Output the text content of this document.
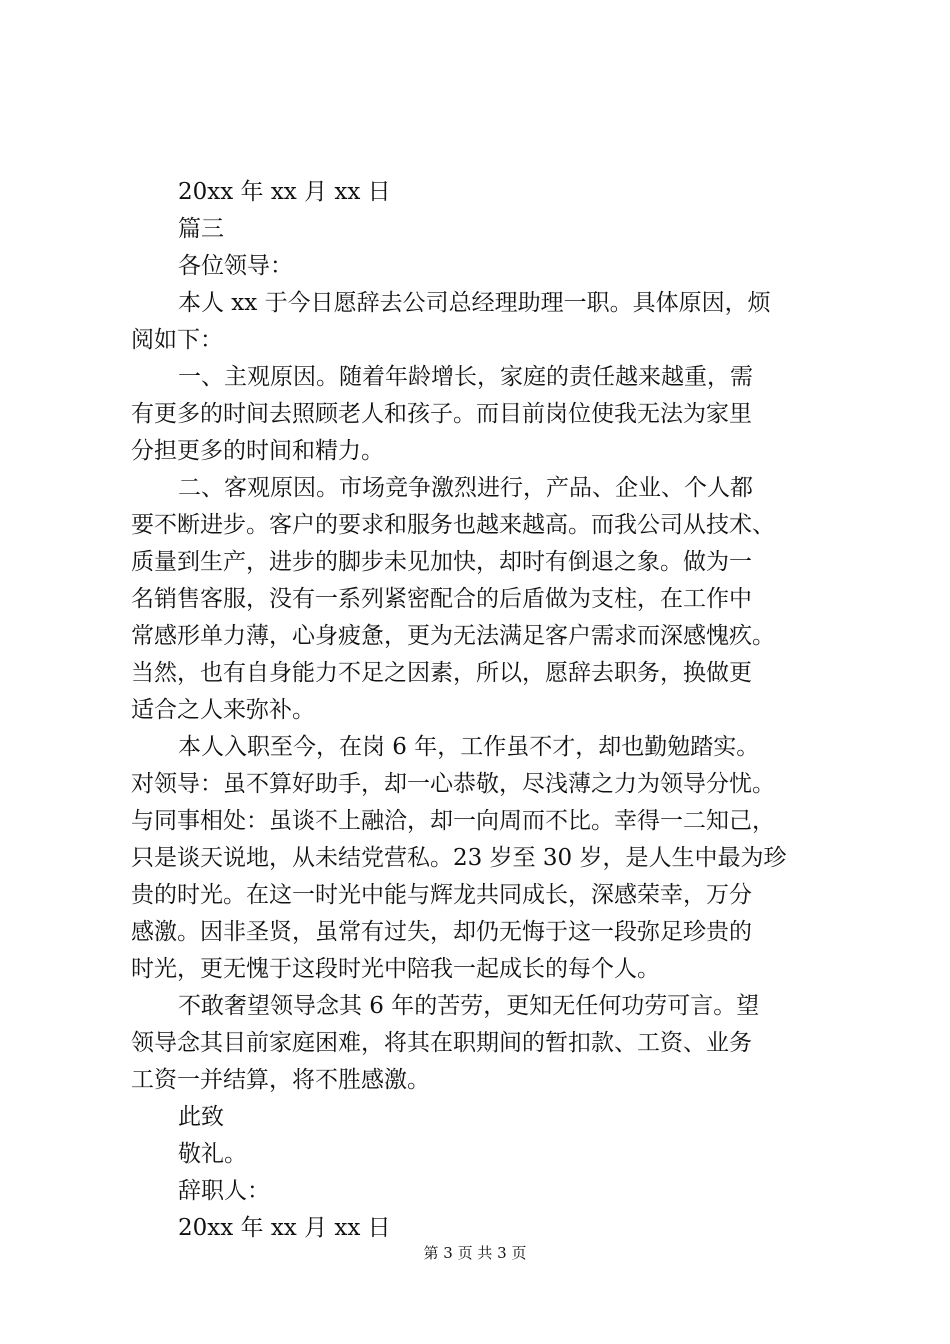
20xx 年 xx 月 xx 日
篇三
各位领导：
本人 xx 于今日愿辞去公司总经理助理一职。具体原因，烦
阅如下：
一、主观原因。随着年龄增长，家庭的责任越来越重，需
有更多的时间去照顾老人和孩子。而目前岗位使我无法为家里
分担更多的时间和精力。
二、客观原因。市场竞争激烈进行，产品、企业、个人都
要不断进步。客户的要求和服务也越来越高。而我公司从技术、
质量到生产，进步的脚步未见加快，却时有倒退之象。做为一
名销售客服，没有一系列紧密配合的后盾做为支柱，在工作中
常感形单力薄，心身疲惫，更为无法满足客户需求而深感愧疚。
当然，也有自身能力不足之因素，所以，愿辞去职务，换做更
适合之人来弥补。
本人入职至今，在岗 6 年，工作虽不才，却也勤勉踏实。
对领导：虽不算好助手，却一心恭敬，尽浅薄之力为领导分忧。
与同事相处：虽谈不上融洽，却一向周而不比。幸得一二知己，
只是谈天说地，从未结党营私。23 岁至 30 岁，是人生中最为珍
贵的时光。在这一时光中能与辉龙共同成长，深感荣幸，万分
感激。因非圣贤，虽常有过失，却仍无悔于这一段弥足珍贵的
时光，更无愧于这段时光中陪我一起成长的每个人。
不敢奢望领导念其 6 年的苦劳，更知无任何功劳可言。望
领导念其目前家庭困难，将其在职期间的暂扣款、工资、业务
工资一并结算，将不胜感激。
此致
敬礼。
辞职人：
20xx 年 xx 月 xx 日
第 3 页 共 3 页
